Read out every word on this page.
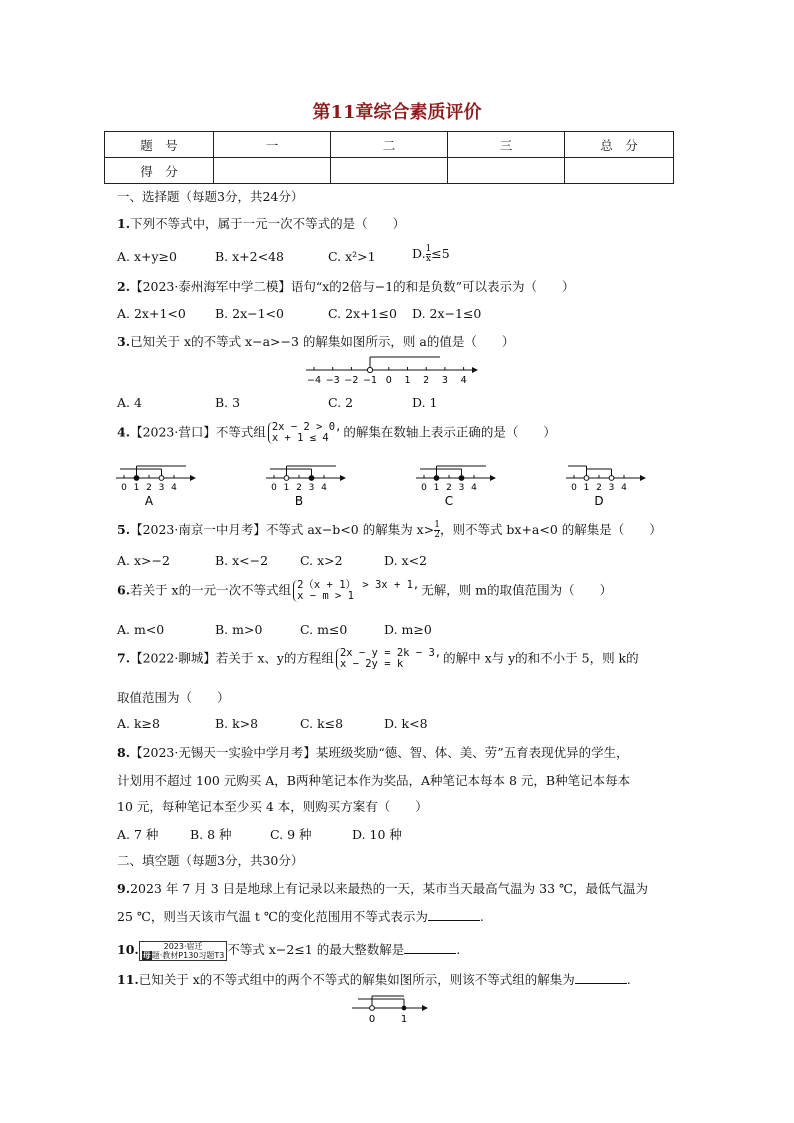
第11章综合素质评价
题　号	一	二	三	总　分
得　分				
一、选择题（每题3分，共24分）
1.下列不等式中，属于一元一次不等式的是（　　）
A. x+y≥0	B. x+2<48	C. x²>1	D. $\frac{1}{x} \le 5$
2.【2023·泰州海军中学二模】语句“x的2倍与−1的和是负数”可以表示为（　　）
A. 2x+1<0 B. 2x−1<0	C. 2x+1≤0 D. 2x−1≤0
3.已知关于 x的不等式 x−a>−3 的解集如图所示，则 a的值是（　　）
−4 −3 −2 −1 0 1 2 3 4
A. 4	B. 3	C. 2	D. 1
4.【2023·营口】不等式组 2x − 2 > 0,
x + 1 ≤ 4	的解集在数轴上表示正确的是（　　）
0 1 2 3 4
A
0 1 2 3 4
B
0 1 2 3 4
C
0 1 2 3 4
D
5.【2023·南京一中月考】不等式 ax−b<0 的解集为 $x> \frac{1}{2}$ ，则不等式 bx+a<0 的解集是（　　）
A. x>−2	B. x<−2	C. x>2	D. x<2
6.若关于 x的一元一次不等式组 2（x + 1） > 3x + 1,
x − m > 1	无解，则 m的取值范围为（　　）
A. m<0	B. m>0	C. m≤0	D. m≥0
7.【2022·聊城】若关于 x、y的方程组 2x − y = 2k − 3,
x − 2y = k	的解中 x与 y的和不小于 5，则 k的
取值范围为（　　）
A. k≥8	B. k>8	C. k≤8	D. k<8
8.【2023·无锡天一实验中学月考】某班级奖励“德、智、体、美、劳”五育表现优异的学生，
计划用不超过 100 元购买 A，B两种笔记本作为奖品，A种笔记本每本 8 元，B种笔记本每本
10 元，每种笔记本至少买 4 本，则购买方案有（　　）
A. 7 种	B. 8 种	C. 9 种	D. 10 种
二、填空题（每题3分，共30分）
9.2023 年 7 月 3 日是地球上有记录以来最热的一天，某市当天最高气温为 33 ℃，最低气温为
25 ℃，则当天该市气温 t ℃的变化范围用不等式表示为	.
10.	2023·宿迁
母题·教材P130习题T3 不等式 x−2≤1 的最大整数解是	.
11.已知关于 x的不等式组中的两个不等式的解集如图所示，则该不等式组的解集为	.
0	1
